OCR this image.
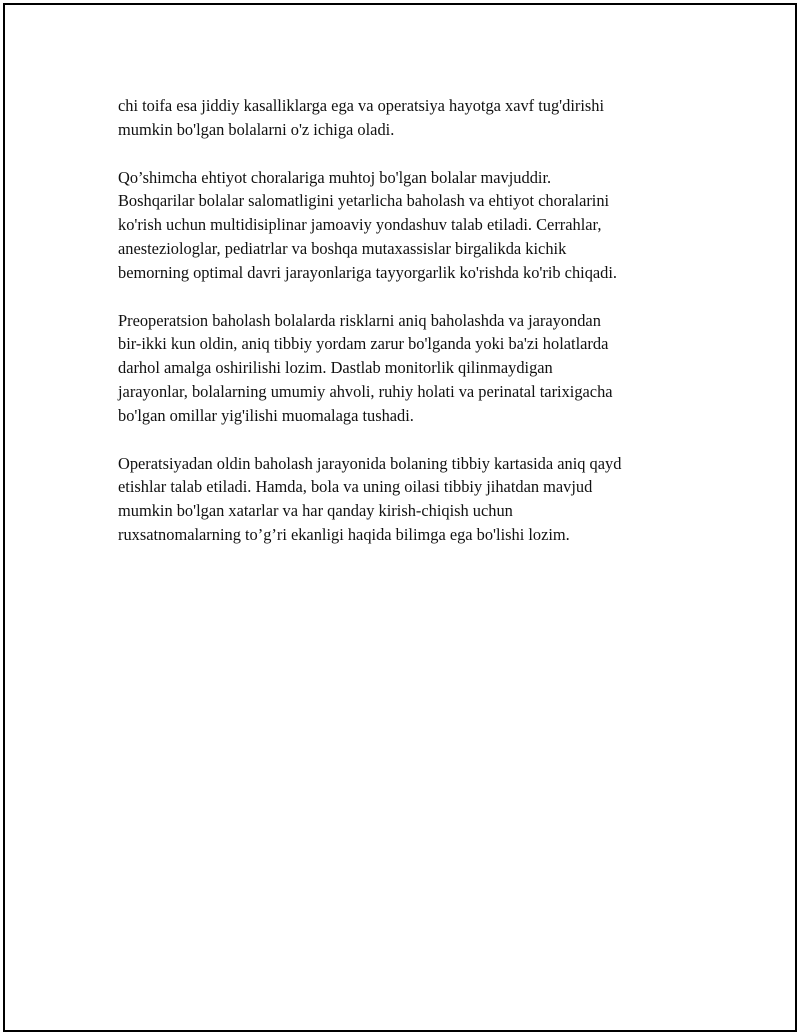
chi toifa esa jiddiy kasalliklarga ega va operatsiya hayotga xavf tug'dirishi
mumkin bo'lgan bolalarni o'z ichiga oladi.

Qo’shimcha ehtiyot choralariga muhtoj bo'lgan bolalar mavjuddir.
Boshqarilar bolalar salomatligini yetarlicha baholash va ehtiyot choralarini
ko'rish uchun multidisiplinar jamoaviy yondashuv talab etiladi. Cerrahlar,
anesteziologlar, pediatrlar va boshqa mutaxassislar birgalikda kichik
bemorning optimal davri jarayonlariga tayyorgarlik ko'rishda ko'rib chiqadi.

Preoperatsion baholash bolalarda risklarni aniq baholashda va jarayondan
bir-ikki kun oldin, aniq tibbiy yordam zarur bo'lganda yoki ba'zi holatlarda
darhol amalga oshirilishi lozim. Dastlab monitorlik qilinmaydigan
jarayonlar, bolalarning umumiy ahvoli, ruhiy holati va perinatal tarixigacha
bo'lgan omillar yig'ilishi muomalaga tushadi.

Operatsiyadan oldin baholash jarayonida bolaning tibbiy kartasida aniq qayd
etishlar talab etiladi. Hamda, bola va uning oilasi tibbiy jihatdan mavjud
mumkin bo'lgan xatarlar va har qanday kirish-chiqish uchun
ruxsatnomalarning to’g’ri ekanligi haqida bilimga ega bo'lishi lozim.
